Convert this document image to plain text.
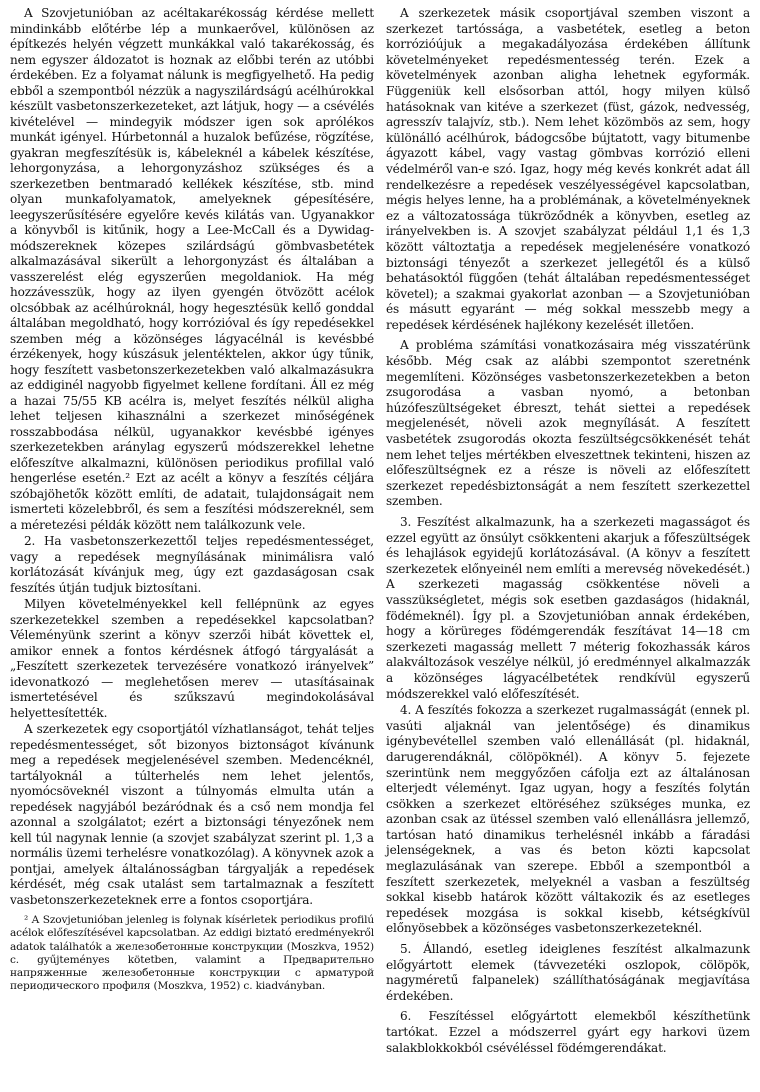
A Szovjetunióban az acéltakarékosság kérdése mellett mindinkább előtérbe lép a munkaerővel, különösen az építkezés helyén végzett munkákkal való takarékosság, és nem egyszer áldozatot is hoznak az előbbi terén az utóbbi érdekében. Ez a folyamat nálunk is megfigyelhető. Ha pedig ebből a szempontból nézzük a nagyszilárdságú acélhúrokkal készült vasbetonszerkezeteket, azt látjuk, hogy — a csévélés kivételével — mindegyik módszer igen sok aprólékos munkát igényel. Húrbetonnál a huzalok befűzése, rögzítése, gyakran megfeszítésük is, kábeleknél a kábelek készítése, lehorgonyzása, a lehorgonyzáshoz szükséges és a szerkezetben bentmaradó kellékek készítése, stb. mind olyan munkafolyamatok, amelyeknek gépesítésére, leegyszerűsítésére egyelőre kevés kilátás van. Ugyanakkor a könyvből is kitűnik, hogy a Lee-McCall és a Dywidag-módszereknek közepes szilárdságú gömbvasbetétek alkalmazásával sikerült a lehorgonyzást és általában a vasszerelést elég egyszerűen megoldaniok. Ha még hozzávesszük, hogy az ilyen gyengén ötvözött acélok olcsóbbak az acélhúroknál, hogy hegesztésük kellő gonddal általában megoldható, hogy korrózióval és így repedésekkel szemben még a közönséges lágyacélnál is kevésbbé érzékenyek, hogy kúszásuk jelentéktelen, akkor úgy tűnik, hogy feszített vasbetonszerkezetekben való alkalmazásukra az eddiginél nagyobb figyelmet kellene fordítani. Áll ez még a hazai 75/55 KB acélra is, melyet feszítés nélkül aligha lehet teljesen kihasználni a szerkezet minőségének rosszabbodása nélkül, ugyanakkor kevésbbé igényes szerkezetekben aránylag egyszerű módszerekkel lehetne előfeszítve alkalmazni, különösen periodikus profillal való hengerlése esetén.² Ezt az acélt a könyv a feszítés céljára szóbajöhetők között említi, de adatait, tulajdonságait nem ismerteti közelebbről, és sem a feszítési módszereknél, sem a méretezési példák között nem találkozunk vele.

2. Ha vasbetonszerkezettől teljes repedésmentességet, vagy a repedések megnyílásának minimálisra való korlátozását kívánjuk meg, úgy ezt gazdaságosan csak feszítés útján tudjuk biztosítani.

Milyen követelményekkel kell fellépnünk az egyes szerkezetekkel szemben a repedésekkel kapcsolatban? Véleményünk szerint a könyv szerzői hibát követtek el, amikor ennek a fontos kérdésnek átfogó tárgyalását a „Feszített szerkezetek tervezésére vonatkozó irányelvek” idevonatkozó — meglehetősen merev — utasításainak ismertetésével és szűkszavú megindokolásával helyettesítették.

A szerkezetek egy csoportjától vízhatlanságot, tehát teljes repedésmentességet, sőt bizonyos biztonságot kívánunk meg a repedések megjelenésével szemben. Medencéknél, tartályoknál a túlterhelés nem lehet jelentős, nyomócsöveknél viszont a túlnyomás elmulta után a repedések nagyjából bezáródnak és a cső nem mondja fel azonnal a szolgálatot; ezért a biztonsági tényezőnek nem kell túl nagynak lennie (a szovjet szabályzat szerint pl. 1,3 a normális üzemi terhelésre vonatkozólag). A könyvnek azok a pontjai, amelyek általánosságban tárgyalják a repedések kérdését, még csak utalást sem tartalmaznak a feszített vasbetonszerkezeteknek erre a fontos csoportjára.

² A Szovjetunióban jelenleg is folynak kísérletek periodikus profilú acélok előfeszítésével kapcsolatban. Az eddigi biztató eredményekről adatok találhatók a железобетонные конструкции (Moszkva, 1952) c. gyűjteményes kötetben, valamint a Предварительно напряженные железобетонные конструкции с арматурой периодического профиля (Moszkva, 1952) c. kiadványban.

A szerkezetek másik csoportjával szemben viszont a szerkezet tartóssága, a vasbetétek, esetleg a beton korrózióújuk a megakadályozása érdekében állítunk követelményeket repedésmentesség terén. Ezek a követelmények azonban aligha lehetnek egyformák. Függeniük kell elsősorban attól, hogy milyen külső hatásoknak van kitéve a szerkezet (füst, gázok, nedvesség, agresszív talajvíz, stb.). Nem lehet közömbös az sem, hogy különálló acélhúrok, bádogcsőbe bújtatott, vagy bitumenbe ágyazott kábel, vagy vastag gömbvas korrózió elleni védelméről van-e szó. Igaz, hogy még kevés konkrét adat áll rendelkezésre a repedések veszélyességével kapcsolatban, mégis helyes lenne, ha a problémának, a követelményeknek ez a változatossága tükröződnék a könyvben, esetleg az irányelvekben is. A szovjet szabályzat például 1,1 és 1,3 között változtatja a repedések megjelenésére vonatkozó biztonsági tényezőt a szerkezet jellegétől és a külső behatásoktól függően (tehát általában repedésmentességet követel); a szakmai gyakorlat azonban — a Szovjetunióban és másutt egyaránt — még sokkal messzebb megy a repedések kérdésének hajlékony kezelését illetően.

A probléma számítási vonatkozásaira még visszatérünk később. Még csak az alábbi szempontot szeretnénk megemlíteni. Közönséges vasbetonszerkezetekben a beton zsugorodása a vasban nyomó, a betonban húzófeszültségeket ébreszt, tehát siettei a repedések megjelenését, növeli azok megnyílását. A feszített vasbetétek zsugorodás okozta feszültségcsökkenését tehát nem lehet teljes mértékben elveszettnek tekinteni, hiszen az előfeszültségnek ez a része is növeli az előfeszített szerkezet repedésbiztonságát a nem feszített szerkezettel szemben.

3. Feszítést alkalmazunk, ha a szerkezeti magasságot és ezzel együtt az önsúlyt csökkenteni akarjuk a főfeszültségek és lehajlások egyidejű korlátozásával. (A könyv a feszített szerkezetek előnyeinél nem említi a merevség növekedését.) A szerkezeti magasság csökkentése növeli a vasszükségletet, mégis sok esetben gazdaságos (hidaknál, födémeknél). Így pl. a Szovjetunióban annak érdekében, hogy a körüreges födémgerendák feszítávat 14—18 cm szerkezeti magasság mellett 7 méterig fokozhassák káros alakváltozások veszélye nélkül, jó eredménnyel alkalmazzák a közönséges lágyacélbetétek rendkívül egyszerű módszerekkel való előfeszítését.

4. A feszítés fokozza a szerkezet rugalmasságát (ennek pl. vasúti aljaknál van jelentősége) és dinamikus igénybevétellel szemben való ellenállását (pl. hidaknál, darugerendáknál, cölöpöknél). A könyv 5. fejezete szerintünk nem meggyőzően cáfolja ezt az általánosan elterjedt véleményt. Igaz ugyan, hogy a feszítés folytán csökken a szerkezet eltöréséhez szükséges munka, ez azonban csak az ütéssel szemben való ellenállásra jellemző, tartósan ható dinamikus terhelésnél inkább a fáradási jelenségeknek, a vas és beton közti kapcsolat meglazulásának van szerepe. Ebből a szempontból a feszített szerkezetek, melyeknél a vasban a feszültség sokkal kisebb határok között váltakozik és az esetleges repedések mozgása is sokkal kisebb, kétségkívül előnyösebbek a közönséges vasbetonszerkezeteknél.

5. Állandó, esetleg ideiglenes feszítést alkalmazunk előgyártott elemek (távvezetéki oszlopok, cölöpök, nagyméretű falpanelek) szállíthatóságának megjavítása érdekében.

6. Feszítéssel előgyártott elemekből készíthetünk tartókat. Ezzel a módszerrel gyárt egy harkovi üzem salakblokkokból csévéléssel födémgerendákat.
